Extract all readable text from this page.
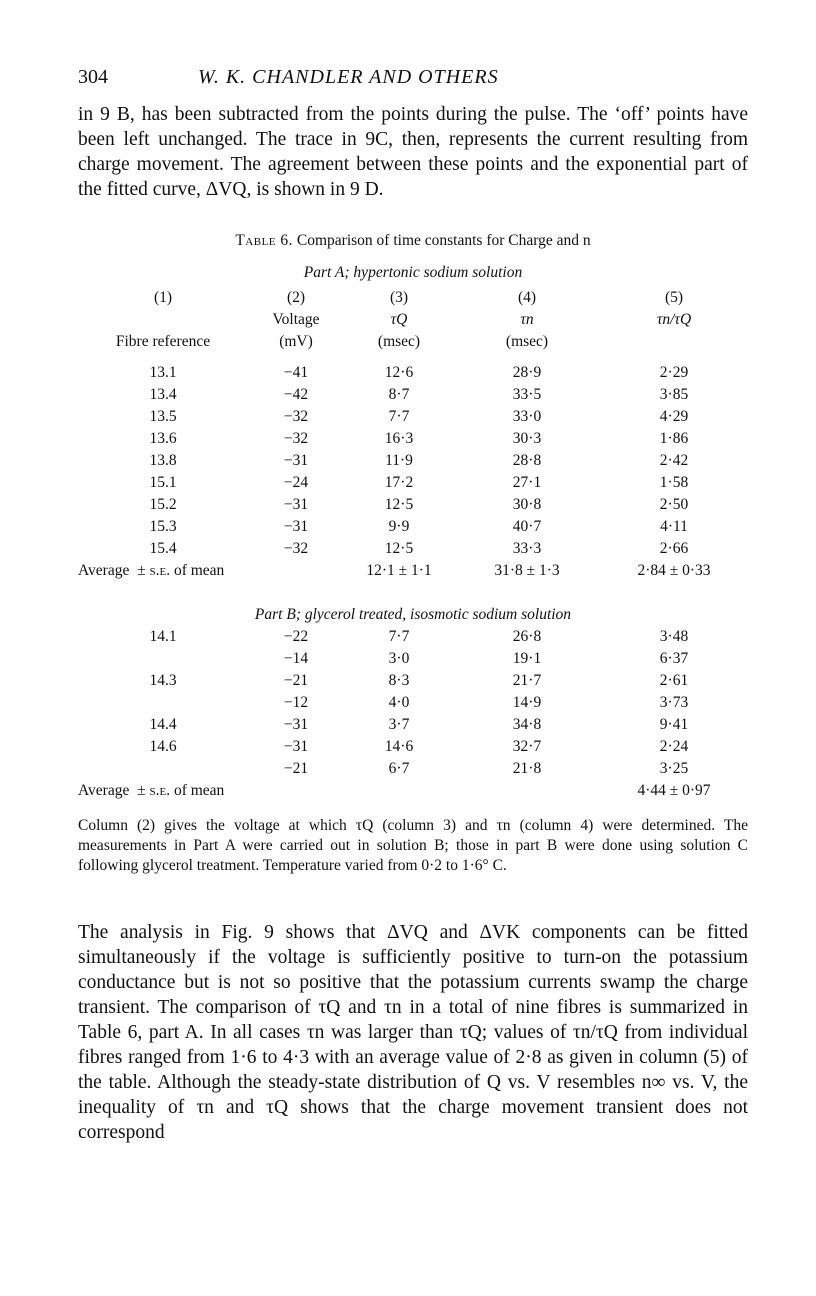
304	W. K. CHANDLER AND OTHERS

in 9 B, has been subtracted from the points during the pulse. The ‘off’ points have been left unchanged. The trace in 9C, then, represents the current resulting from charge movement. The agreement between these points and the exponential part of the fitted curve, ΔVQ, is shown in 9 D.

Table 6. Comparison of time constants for Charge and n
Part A; hypertonic sodium solution
(1)	(2)	(3)	(4)	(5)
	Voltage	τQ	τn	τn/τQ
Fibre reference	(mV)	(msec)	(msec)	

13.1	−41	12·6	28·9	2·29
13.4	−42	8·7	33·5	3·85
13.5	−32	7·7	33·0	4·29
13.6	−32	16·3	30·3	1·86
13.8	−31	11·9	28·8	2·42
15.1	−24	17·2	27·1	1·58
15.2	−31	12·5	30·8	2·50
15.3	−31	9·9	40·7	4·11
15.4	−32	12·5	33·3	2·66
Average  ± s.e. of mean		12·1 ± 1·1	31·8 ± 1·3	2·84 ± 0·33
Part B; glycerol treated, isosmotic sodium solution				
14.1	−22	7·7	26·8	3·48
	−14	3·0	19·1	6·37
14.3	−21	8·3	21·7	2·61
	−12	4·0	14·9	3·73
14.4	−31	3·7	34·8	9·41
14.6	−31	14·6	32·7	2·24
	−21	6·7	21·8	3·25
Average  ± s.e. of mean				4·44 ± 0·97

Column (2) gives the voltage at which τQ (column 3) and τn (column 4) were determined. The measurements in Part A were carried out in solution B; those in part B were done using solution C following glycerol treatment. Temperature varied from 0·2 to 1·6° C.

The analysis in Fig. 9 shows that ΔVQ and ΔVK components can be fitted simultaneously if the voltage is sufficiently positive to turn-on the potassium conductance but is not so positive that the potassium currents swamp the charge transient. The comparison of τQ and τn in a total of nine fibres is summarized in Table 6, part A. In all cases τn was larger than τQ; values of τn/τQ from individual fibres ranged from 1·6 to 4·3 with an average value of 2·8 as given in column (5) of the table. Although the steady-state distribution of Q vs. V resembles n∞ vs. V, the inequality of τn and τQ shows that the charge movement transient does not correspond
